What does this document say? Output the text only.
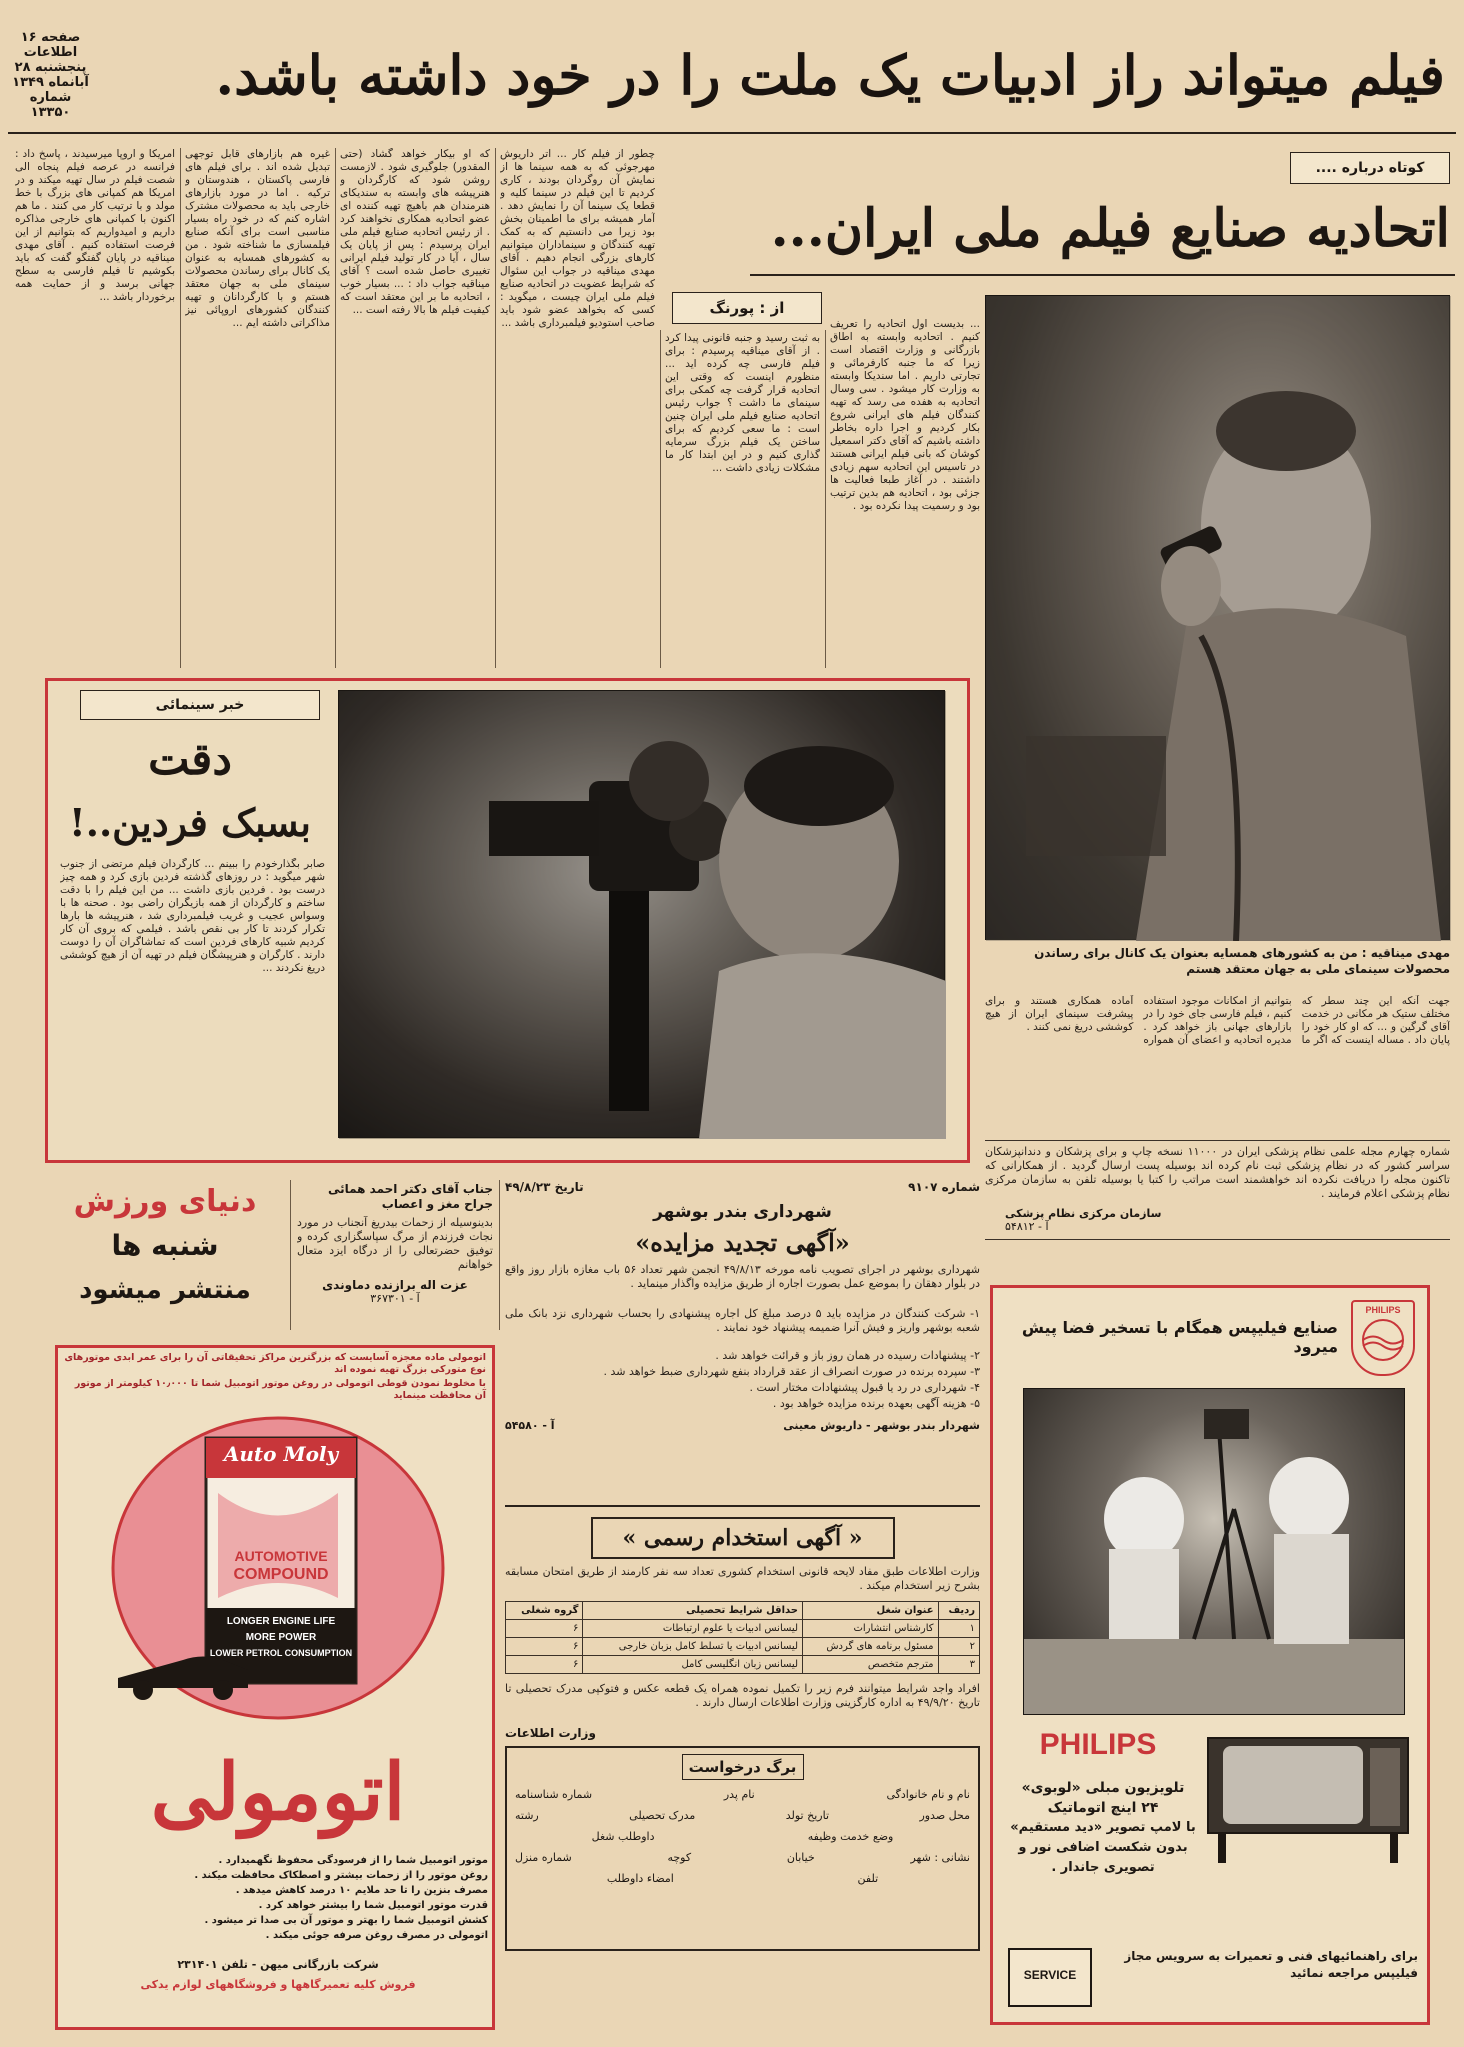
صفحه ۱۶
اطلاعات
پنجشنبه ۲۸ آبانماه ۱۳۴۹
شماره ۱۳۳۵۰
فیلم میتواند راز ادبیات یک ملت را در خود داشته باشد.
کوتاه درباره ....
اتحادیه صنایع فیلم ملی ایران...
از : پورنگ
امریکا و اروپا میرسیدند ، پاسخ داد : فرانسه در عرصه فیلم پنجاه الی شصت فیلم در سال تهیه میکند و در امریکا هم کمپانی های بزرگ با خط مولد و با ترتیب کار می کنند . ما هم اکنون با کمپانی های خارجی مذاکره داریم و امیدواریم که بتوانیم از این فرصت استفاده کنیم . آقای مهدی میناقیه در پایان گفتگو گفت که باید بکوشیم تا فیلم فارسی به سطح جهانی برسد و از حمایت همه برخوردار باشد ...
غیره هم بازارهای قابل توجهی تبدیل شده اند . برای فیلم های فارسی پاکستان ، هندوستان و ترکیه . اما در مورد بازارهای خارجی باید به محصولات مشترک اشاره کنم که در خود راه بسیار مناسبی است برای آنکه صنایع فیلمسازی ما شناخته شود . من به کشورهای همسایه به عنوان یک کانال برای رساندن محصولات سینمای ملی به جهان معتقد هستم و با کارگردانان و تهیه کنندگان کشورهای اروپائی نیز مذاکراتی داشته ایم ...
که او بیکار خواهد گشاد (حتی المقدور) جلوگیری شود . لازمست روشن شود که کارگردان و هنرپیشه های وابسته به سندیکای هنرمندان هم باهیچ تهیه کننده ای عضو اتحادیه همکاری نخواهند کرد . از رئیس اتحادیه صنایع فیلم ملی ایران پرسیدم : پس از پایان یک سال ، آیا در کار تولید فیلم ایرانی تغییری حاصل شده است ؟ آقای میناقیه جواب داد : ... بسیار خوب ، اتحادیه ما بر این معتقد است که کیفیت فیلم ها بالا رفته است ...
چطور از فیلم کار ... اتر داریوش مهرجوئی که به همه سینما ها از نمایش آن روگردان بودند ، کاری کردیم تا این فیلم در سینما کلیه و قطعا یک سینما آن را نمایش دهد . آمار همیشه برای ما اطمینان بخش بود زیرا می دانستیم که به کمک تهیه کنندگان و سینماداران میتوانیم کارهای بزرگی انجام دهیم . آقای مهدی میناقیه در جواب این سئوال که شرایط عضویت در اتحادیه صنایع فیلم ملی ایران چیست ، میگوید : کسی که بخواهد عضو شود باید صاحب استودیو فیلمبرداری باشد ...
به ثبت رسید و جنبه قانونی پیدا کرد . از آقای میناقیه پرسیدم : برای فیلم فارسی چه کرده اید ... منظورم اینست که وقتی این اتحادیه قرار گرفت چه کمکی برای سینمای ما داشت ؟ جواب رئیس اتحادیه صنایع فیلم ملی ایران چنین است : ما سعی کردیم که برای ساختن یک فیلم بزرگ سرمایه گذاری کنیم و در این ابتدا کار ما مشکلات زیادی داشت ...
... بدیست اول اتحادیه را تعریف کنیم . اتحادیه وابسته به اطاق بازرگانی و وزارت اقتصاد است زیرا که ما جنبه کارفرمائی و تجارتی داریم . اما سندیکا وابسته به وزارت کار میشود . سی وسال اتحادیه به هفده می رسد که تهیه کنندگان فیلم های ایرانی شروع بکار کردیم و اجرا داره بخاطر داشته باشیم که آقای دکتر اسمعیل کوشان که بانی فیلم ایرانی هستند در تاسیس این اتحادیه سهم زیادی داشتند . در آغاز طبعا فعالیت ها جزئی بود ، اتحادیه هم بدین ترتیب بود و رسمیت پیدا نکرده بود .
مهدی میناقیه : من به کشورهای همسایه بعنوان یک کانال برای رساندن محصولات سینمای ملی به جهان معتقد هستم
جهت آنکه این چند سطر که مختلف ستیک هر مکانی در خدمت آقای گرگین و ... که او کار خود را پایان داد . مساله اینست که اگر ما بتوانیم از امکانات موجود استفاده کنیم ، فیلم فارسی جای خود را در بازارهای جهانی باز خواهد کرد . مدیره اتحادیه و اعضای آن همواره آماده همکاری هستند و برای پیشرفت سینمای ایران از هیچ کوششی دریغ نمی کنند .
خبر سینمائی
دقت
بسبک فردین..!
صابر بگذارخودم را ببینم ... کارگردان فیلم مرتضی از جنوب شهر میگوید : در روزهای گذشته فردین بازی کرد و همه چیز درست بود . فردین بازی داشت ... من این فیلم را با دقت ساختم و کارگردان از همه بازیگران راضی بود . صحنه ها با وسواس عجیب و غریب فیلمبرداری شد ، هنرپیشه ها بارها تکرار کردند تا کار بی نقص باشد . فیلمی که بروی آن کار کردیم شبیه کارهای فردین است که تماشاگران آن را دوست دارند . کارگران و هنرپیشگان فیلم در تهیه آن از هیچ کوششی دریغ نکردند ...
شماره چهارم مجله علمی نظام پزشکی ایران در ۱۱۰۰۰ نسخه چاپ و برای پزشکان و دندانپزشکان سراسر کشور که در نظام پزشکی ثبت نام کرده اند بوسیله پست ارسال گردید . از همکارانی که تاکنون مجله را دریافت نکرده اند خواهشمند است مراتب را کتبا یا بوسیله تلفن به سازمان مرکزی نظام پزشکی اعلام فرمایند .
سازمان مرکزی نظام پزشکی
آ - ۵۴۸۱۲
دنیای ورزش
شنبه ها
منتشر میشود
جناب آقای دکتر احمد همائی جراح مغز و اعصاب
بدینوسیله از زحمات بیدریغ آنجناب در مورد نجات فرزندم از مرگ سپاسگزاری کرده و توفیق حضرتعالی را از درگاه ایزد متعال خواهانم
عزت اله برازنده دماوندی
آ - ۳۶۷۳۰۱
شماره ۹۱۰۷
تاریخ ۴۹/۸/۲۳
شهرداری بندر بوشهر
«آگهی تجدید مزایده»
شهرداری بوشهر در اجرای تصویب نامه مورخه ۴۹/۸/۱۳ انجمن شهر تعداد ۵۶ باب مغازه بازار روز واقع در بلوار دهقان را بموضع عمل بصورت اجاره از طریق مزایده واگذار مینماید .
۱- شرکت کنندگان در مزایده باید ۵ درصد مبلغ کل اجاره پیشنهادی را بحساب شهرداری نزد بانک ملی شعبه بوشهر واریز و فیش آنرا ضمیمه پیشنهاد خود نمایند .
۲- پیشنهادات رسیده در همان روز باز و قرائت خواهد شد .
۳- سپرده برنده در صورت انصراف از عقد قرارداد بنفع شهرداری ضبط خواهد شد .
۴- شهرداری در رد یا قبول پیشنهادات مختار است .
۵- هزینه آگهی بعهده برنده مزایده خواهد بود .
شهردار بندر بوشهر - داریوش معینی
آ - ۵۴۵۸۰
« آگهی استخدام رسمی »
وزارت اطلاعات طبق مفاد لایحه قانونی استخدام کشوری تعداد سه نفر کارمند از طریق امتحان مسابقه بشرح زیر استخدام میکند .
ردیف	عنوان شغل	حداقل شرایط تحصیلی	گروه شغلی
۱	کارشناس انتشارات	لیسانس ادبیات یا علوم ارتباطات	۶
۲	مسئول برنامه های گردش	لیسانس ادبیات یا تسلط کامل بزبان خارجی	۶
۳	مترجم متخصص	لیسانس زبان انگلیسی کامل	۶
افراد واجد شرایط میتوانند فرم زیر را تکمیل نموده همراه یک قطعه عکس و فتوکپی مدرک تحصیلی تا تاریخ ۴۹/۹/۲۰ به اداره کارگزینی وزارت اطلاعات ارسال دارند .
وزارت اطلاعات
برگ درخواست
نام و نام خانوادگی
نام پدر
شماره شناسنامه
محل صدور
تاریخ تولد
مدرک تحصیلی
رشته
وضع خدمت وظیفه
داوطلب شغل
نشانی : شهر
خیابان
کوچه
شماره منزل
تلفن
امضاء داوطلب
اتومولی ماده معجزه آسایست که بزرگترین مراکز تحقیقاتی آن را برای عمر ابدی موتورهای نوع متورکی بزرگ تهیه نموده اند
با مخلوط نمودن قوطی اتومولی در روغن موتور اتومبیل شما تا ۱۰٫۰۰۰ کیلومتر از موتور آن محافظت مینماید
Auto Moly
AUTOMOTIVE
COMPOUND
LONGER ENGINE LIFE
MORE POWER
LOWER PETROL CONSUMPTION
اتومولی
موتور اتومبیل شما را از فرسودگی محفوظ نگهمیدارد .
روغن موتور را از زحمات بیشتر و اصطکاک محافظت میکند .
مصرف بنزین را تا حد ملایم ۱۰ درصد کاهش میدهد .
قدرت موتور اتومبیل شما را بیشتر خواهد کرد .
کشش اتومبیل شما را بهتر و موتور آن بی صدا تر میشود .
اتومولی در مصرف روغن صرفه جوئی میکند .
شرکت بازرگانی میهن - تلفن ۲۳۱۴۰۱
فروش کلیه تعمیرگاهها و فروشگاههای لوازم یدکی
PHILIPS
صنایع فیلیپس همگام با تسخیر فضا پیش میرود
PHILIPS
تلویزیون مبلی «لوبوی»
۲۴ اینچ اتوماتیک
با لامپ تصویر «دید مستقیم»
بدون شکست اضافی نور و
تصویری جاندار .
SERVICE
برای راهنمائیهای فنی و تعمیرات به سرویس مجاز فیلیپس مراجعه نمائید
